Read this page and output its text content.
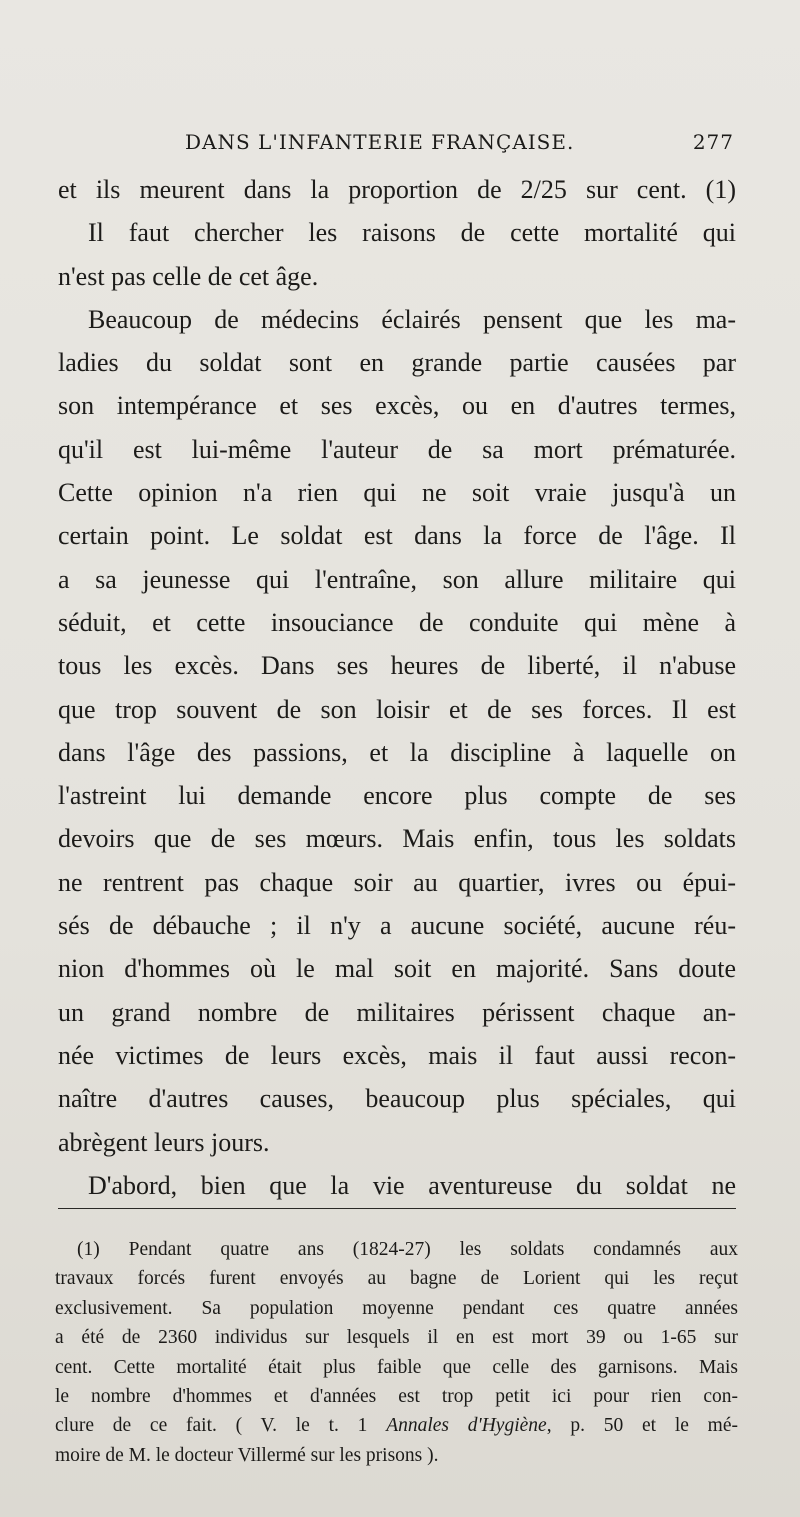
DANS L'INFANTERIE FRANÇAISE.	277
et ils meurent dans la proportion de 2/25 sur cent. (1)
Il faut chercher les raisons de cette mortalité qui
n'est pas celle de cet âge.
Beaucoup de médecins éclairés pensent que les ma-
ladies du soldat sont en grande partie causées par
son intempérance et ses excès, ou en d'autres termes,
qu'il est lui-même l'auteur de sa mort prématurée.
Cette opinion n'a rien qui ne soit vraie jusqu'à un
certain point. Le soldat est dans la force de l'âge. Il
a sa jeunesse qui l'entraîne, son allure militaire qui
séduit, et cette insouciance de conduite qui mène à
tous les excès. Dans ses heures de liberté, il n'abuse
que trop souvent de son loisir et de ses forces. Il est
dans l'âge des passions, et la discipline à laquelle on
l'astreint lui demande encore plus compte de ses
devoirs que de ses mœurs. Mais enfin, tous les soldats
ne rentrent pas chaque soir au quartier, ivres ou épui-
sés de débauche ; il n'y a aucune société, aucune réu-
nion d'hommes où le mal soit en majorité. Sans doute
un grand nombre de militaires périssent chaque an-
née victimes de leurs excès, mais il faut aussi recon-
naître d'autres causes, beaucoup plus spéciales, qui
abrègent leurs jours.
D'abord, bien que la vie aventureuse du soldat ne
(1) Pendant quatre ans (1824-27) les soldats condamnés aux
travaux forcés furent envoyés au bagne de Lorient qui les reçut
exclusivement. Sa population moyenne pendant ces quatre années
a été de 2360 individus sur lesquels il en est mort 39 ou 1-65 sur
cent. Cette mortalité était plus faible que celle des garnisons. Mais
le nombre d'hommes et d'années est trop petit ici pour rien con-
clure de ce fait. ( V. le t. 1 Annales d'Hygiène, p. 50 et le mé-
moire de M. le docteur Villermé sur les prisons ).
